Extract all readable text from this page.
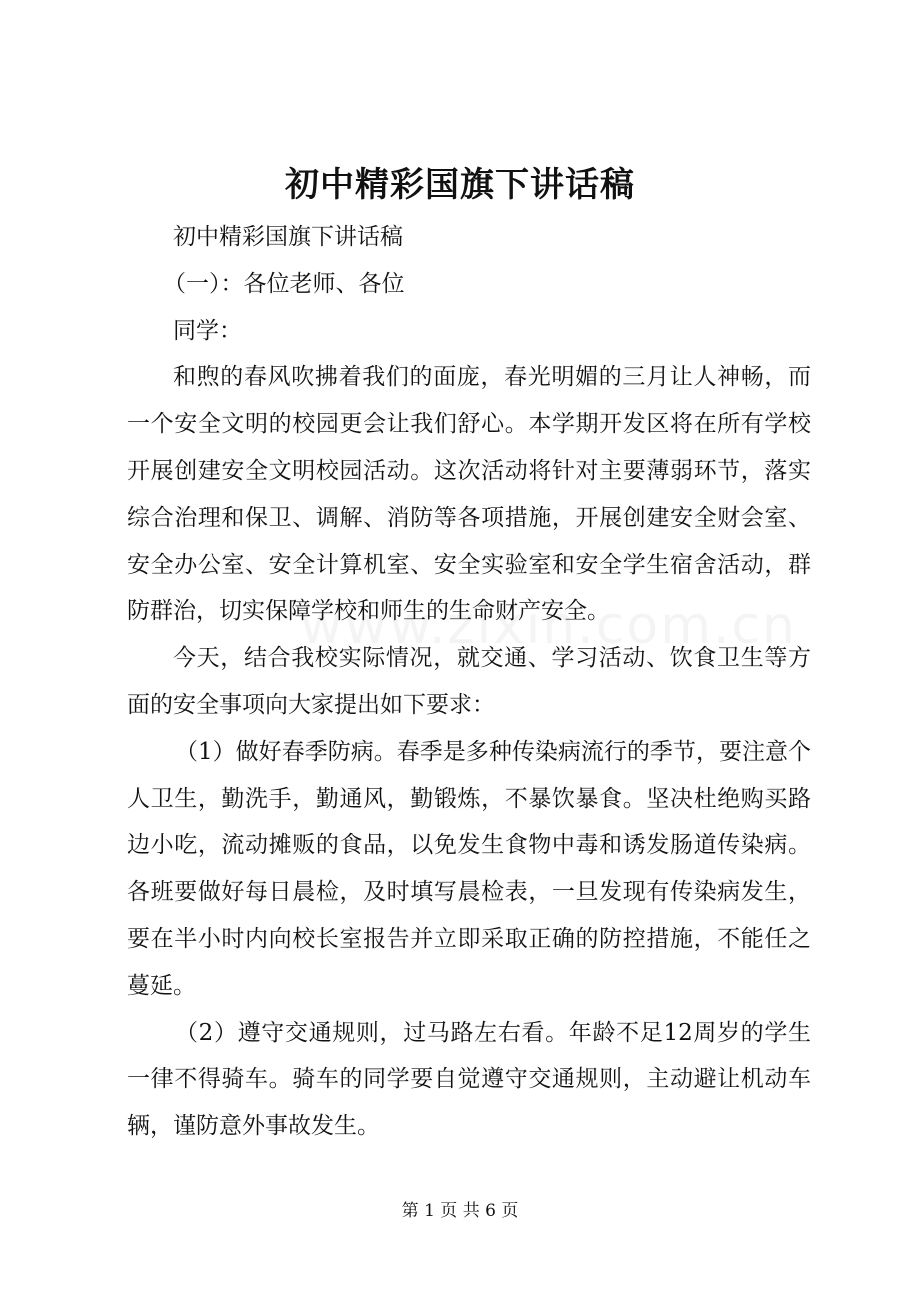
初中精彩国旗下讲话稿

初中精彩国旗下讲话稿

（一）：各位老师、各位

同学：

和煦的春风吹拂着我们的面庞，春光明媚的三月让人神畅，而一个安全文明的校园更会让我们舒心。本学期开发区将在所有学校开展创建安全文明校园活动。这次活动将针对主要薄弱环节，落实综合治理和保卫、调解、消防等各项措施，开展创建安全财会室、安全办公室、安全计算机室、安全实验室和安全学生宿舍活动，群防群治，切实保障学校和师生的生命财产安全。

今天，结合我校实际情况，就交通、学习活动、饮食卫生等方面的安全事项向大家提出如下要求：

（1）做好春季防病。春季是多种传染病流行的季节，要注意个人卫生，勤洗手，勤通风，勤锻炼，不暴饮暴食。坚决杜绝购买路边小吃，流动摊贩的食品，以免发生食物中毒和诱发肠道传染病。各班要做好每日晨检，及时填写晨检表，一旦发现有传染病发生，要在半小时内向校长室报告并立即采取正确的防控措施，不能任之蔓延。

（2）遵守交通规则，过马路左右看。年龄不足12周岁的学生一律不得骑车。骑车的同学要自觉遵守交通规则，主动避让机动车辆，谨防意外事故发生。

第 1 页 共 6 页
